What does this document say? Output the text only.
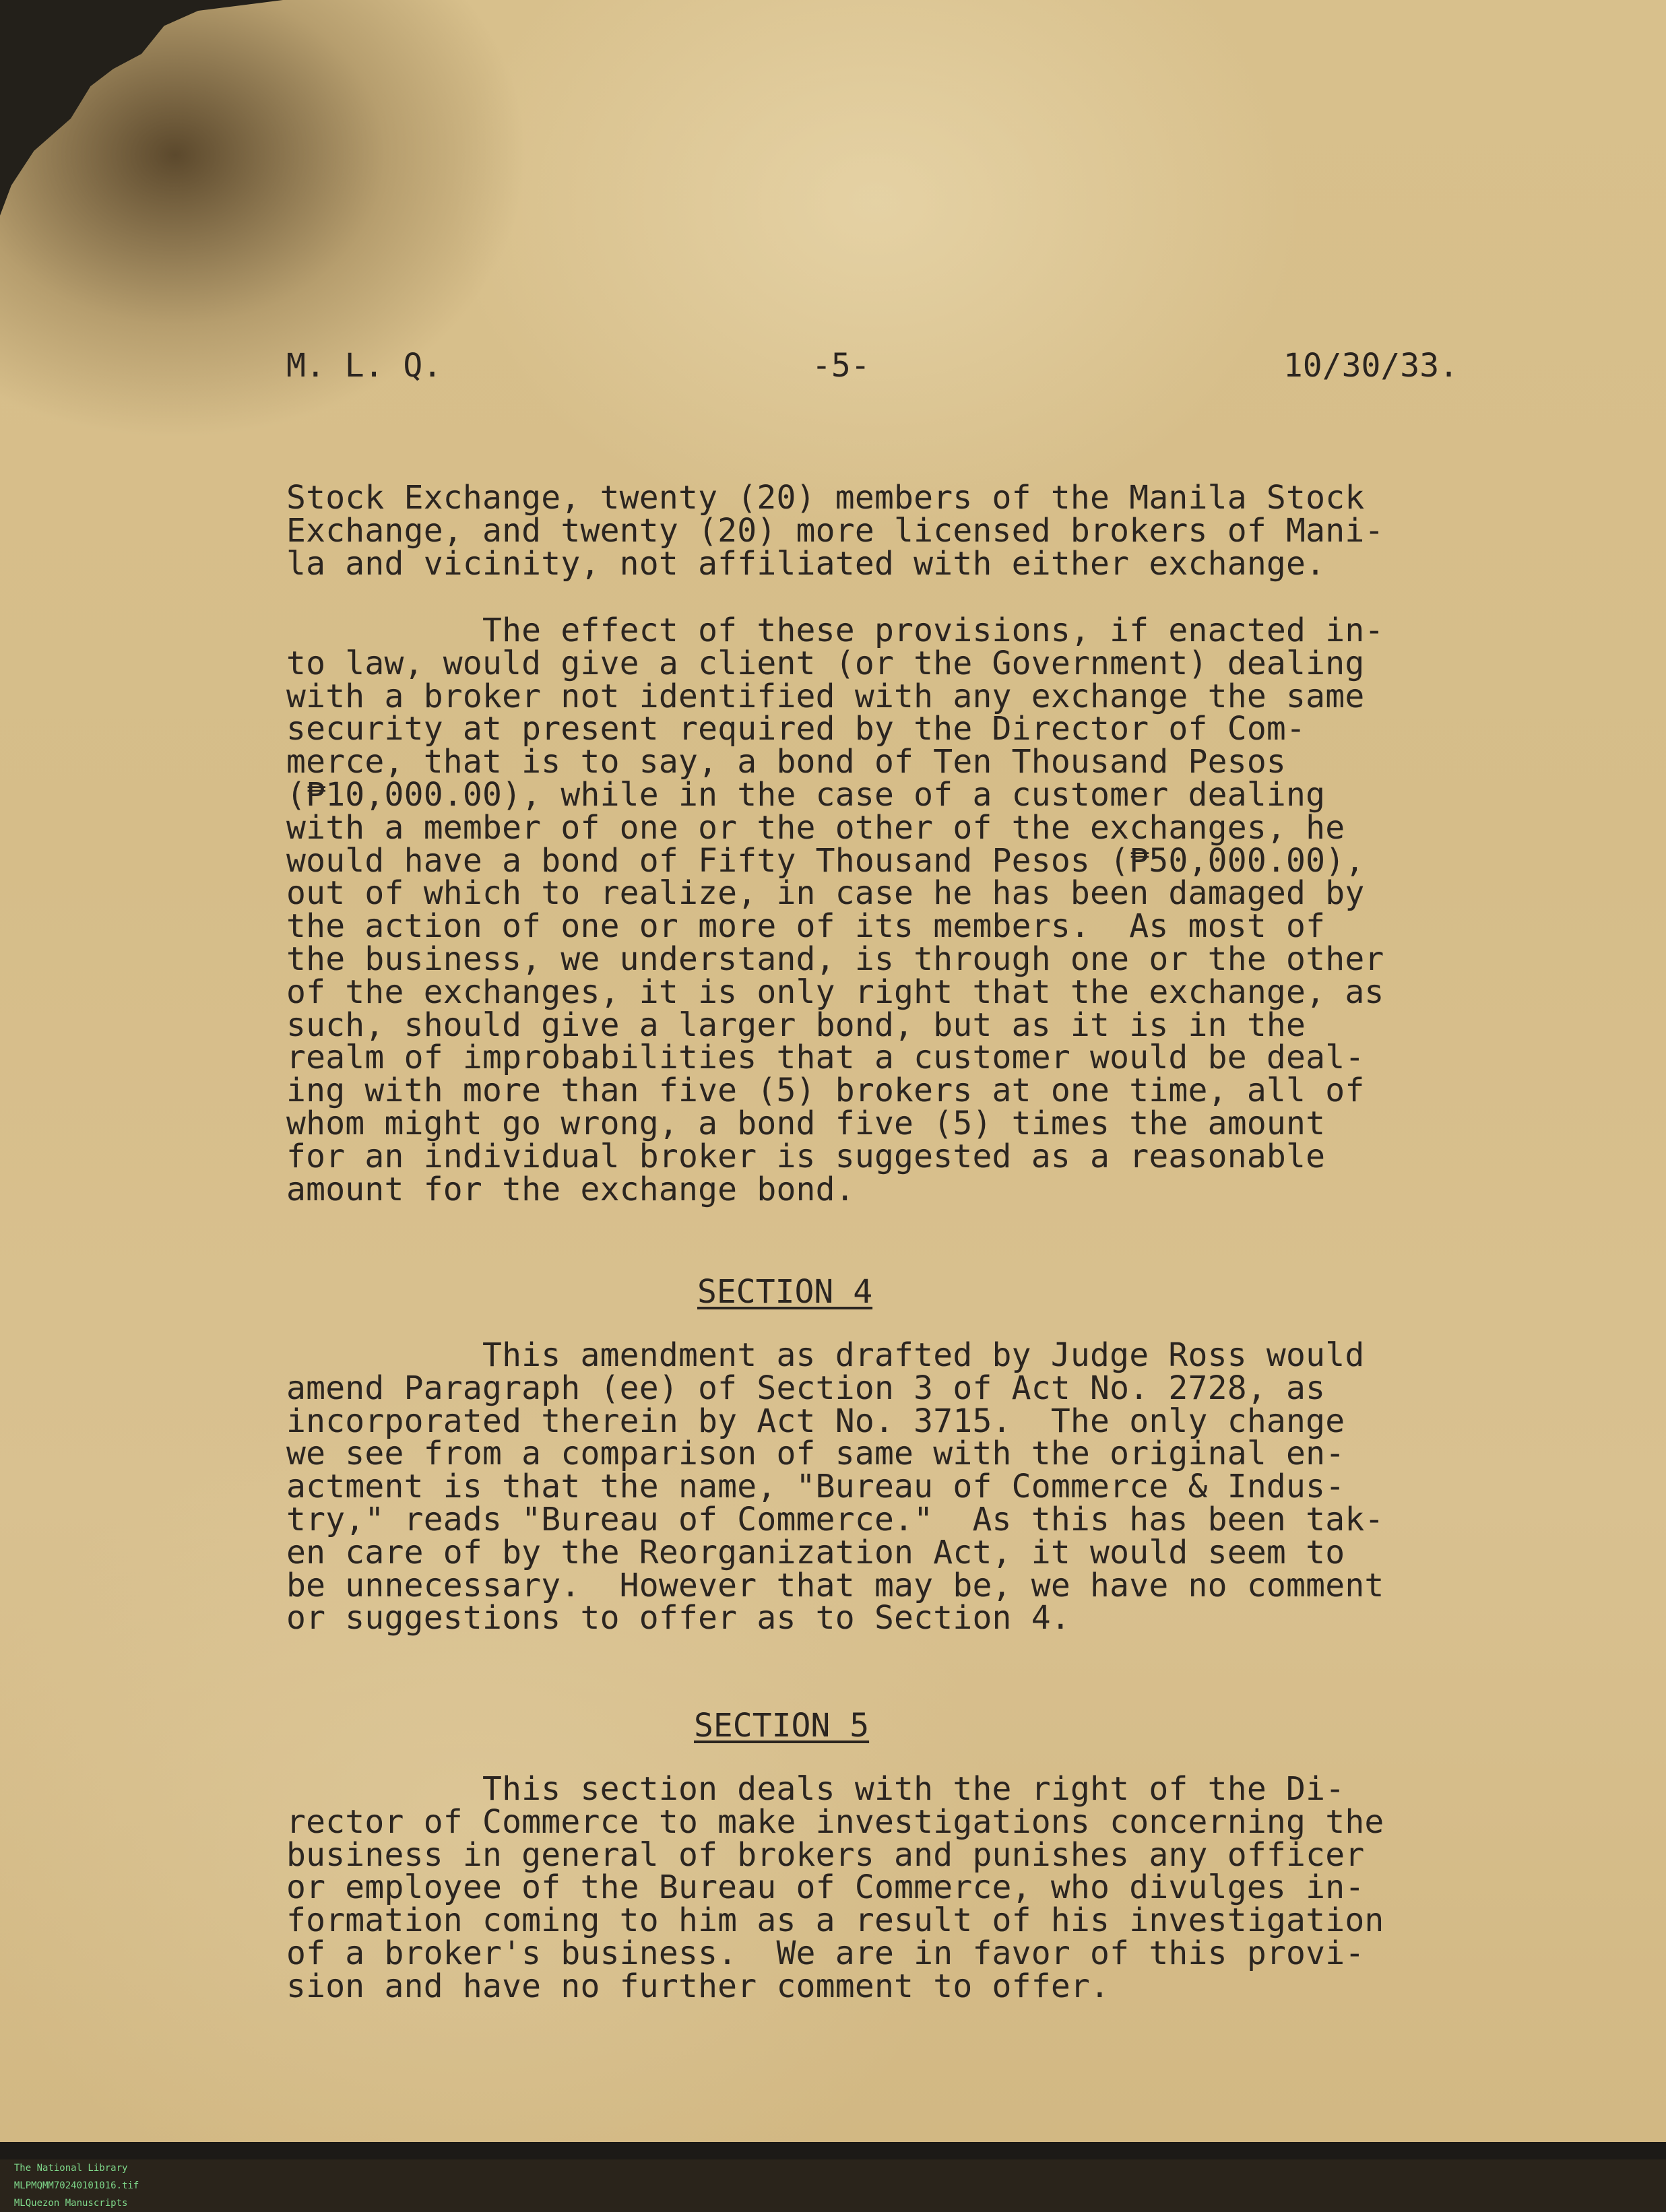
M. L. Q.	-5-	10/30/33.
Stock Exchange, twenty (20) members of the Manila Stock
Exchange, and twenty (20) more licensed brokers of Mani-
la and vicinity, not affiliated with either exchange.
The effect of these provisions, if enacted in-
to law, would give a client (or the Government) dealing
with a broker not identified with any exchange the same
security at present required by the Director of Com-
merce, that is to say, a bond of Ten Thousand Pesos
(₱10,000.00), while in the case of a customer dealing
with a member of one or the other of the exchanges, he
would have a bond of Fifty Thousand Pesos (₱50,000.00),
out of which to realize, in case he has been damaged by
the action of one or more of its members.  As most of
the business, we understand, is through one or the other
of the exchanges, it is only right that the exchange, as
such, should give a larger bond, but as it is in the
realm of improbabilities that a customer would be deal-
ing with more than five (5) brokers at one time, all of
whom might go wrong, a bond five (5) times the amount
for an individual broker is suggested as a reasonable
amount for the exchange bond.
SECTION 4
This amendment as drafted by Judge Ross would
amend Paragraph (ee) of Section 3 of Act No. 2728, as
incorporated therein by Act No. 3715.  The only change
we see from a comparison of same with the original en-
actment is that the name, "Bureau of Commerce & Indus-
try," reads "Bureau of Commerce."  As this has been tak-
en care of by the Reorganization Act, it would seem to
be unnecessary.  However that may be, we have no comment
or suggestions to offer as to Section 4.
SECTION 5
This section deals with the right of the Di-
rector of Commerce to make investigations concerning the
business in general of brokers and punishes any officer
or employee of the Bureau of Commerce, who divulges in-
formation coming to him as a result of his investigation
of a broker's business.  We are in favor of this provi-
sion and have no further comment to offer.

The National Library
MLPMQMM70240101016.tif
MLQuezon Manuscripts
